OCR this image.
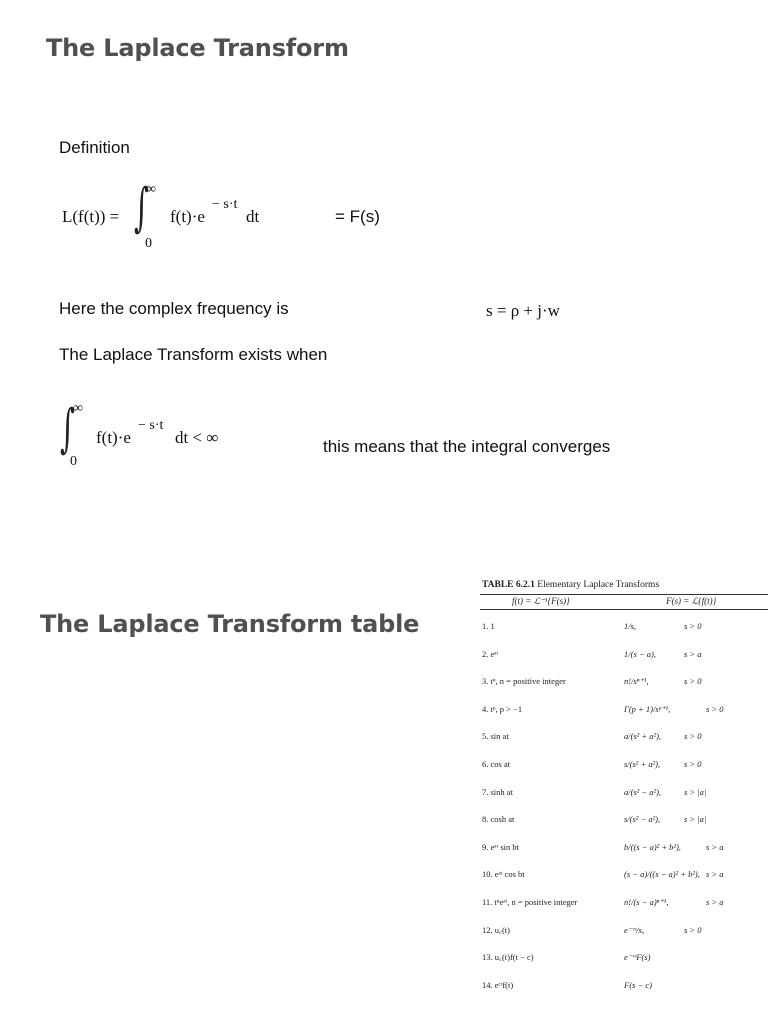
The Laplace Transform
Definition
L(f(t)) = ∫
∞
0
f(t)·e
− s·t
dt	= F(s)
Here the complex frequency is	s = ρ + j·w
The Laplace Transform exists when
∫
∞
0
f(t)·e
− s·t
dt < ∞	this means that the integral converges
The Laplace Transform table
TABLE 6.2.1 Elementary Laplace Transforms
f(t) = ℒ⁻¹{F(s)}	F(s) = ℒ{f(t)}
1. 1	1/s,	s > 0
2. eᵃᵗ	1/(s − a),	s > a
3. tⁿ, n = positive integer	n!/sⁿ⁺¹,	s > 0
4. tᵖ, p > −1	Γ(p + 1)/sᵖ⁺¹,	s > 0
5. sin at	a/(s² + a²),	s > 0
6. cos at	s/(s² + a²),	s > 0
7. sinh at	a/(s² − a²),	s > |a|
8. cosh at	s/(s² − a²),	s > |a|
9. eᵃᵗ sin bt	b/((s − a)² + b²),	s > a
10. eᵃᵗ cos bt	(s − a)/((s − a)² + b²), s > a
11. tⁿeᵃᵗ, n = positive integer	n!/(s − a)ⁿ⁺¹,	s > a
12. u꜀(t)	e⁻ᶜˢ/s,	s > 0
13. u꜀(t)f(t − c)	e⁻ᶜˢF(s)
14. eᶜᵗf(t)	F(s − c)
